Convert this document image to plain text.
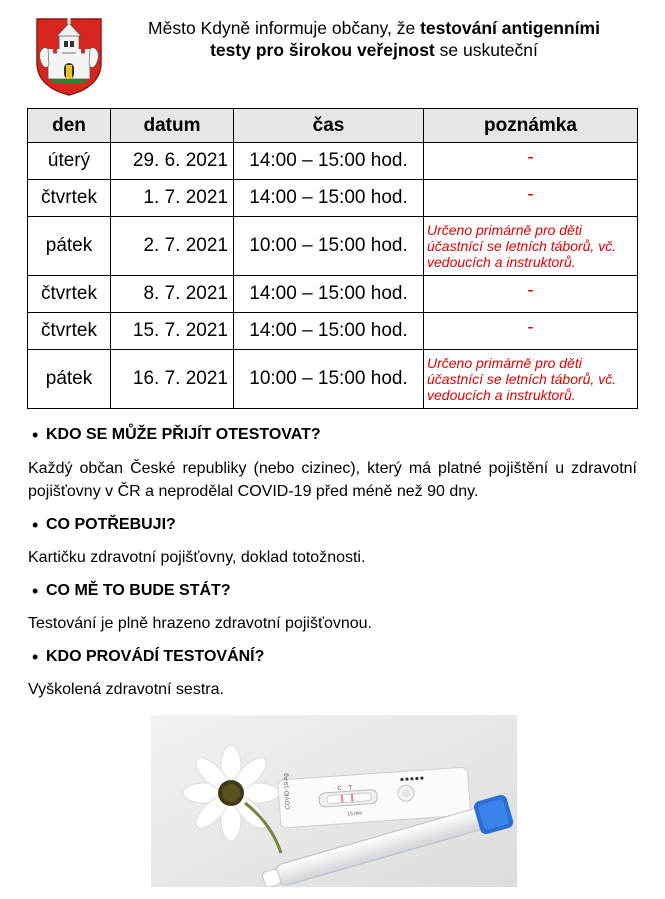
Město Kdyně informuje občany, že testování antigenními
testy pro širokou veřejnost se uskuteční
den	datum	čas	poznámka
úterý	29. 6. 2021	14:00 – 15:00 hod.	-
čtvrtek	1. 7. 2021	14:00 – 15:00 hod.	-
pátek	2. 7. 2021	10:00 – 15:00 hod.	Určeno primárně pro děti účastnící se letních táborů, vč. vedoucích a instruktorů.
čtvrtek	8. 7. 2021	14:00 – 15:00 hod.	-
čtvrtek	15. 7. 2021	14:00 – 15:00 hod.	-
pátek	16. 7. 2021	10:00 – 15:00 hod.	Určeno primárně pro děti účastnící se letních táborů, vč. vedoucích a instruktorů.
• KDO SE MŮŽE PŘIJÍT OTESTOVAT?
Každý občan České republiky (nebo cizinec), který má platné pojištění u zdravotní pojišťovny v ČR a neprodělal COVID-19 před méně než 90 dny.
• CO POTŘEBUJI?
Kartičku zdravotní pojišťovny, doklad totožnosti.
• CO MĚ TO BUDE STÁT?
Testování je plně hrazeno zdravotní pojišťovnou.
• KDO PROVÁDÍ TESTOVÁNÍ?
Vyškolená zdravotní sestra.
COVID-19 Ag	C T
15 min
